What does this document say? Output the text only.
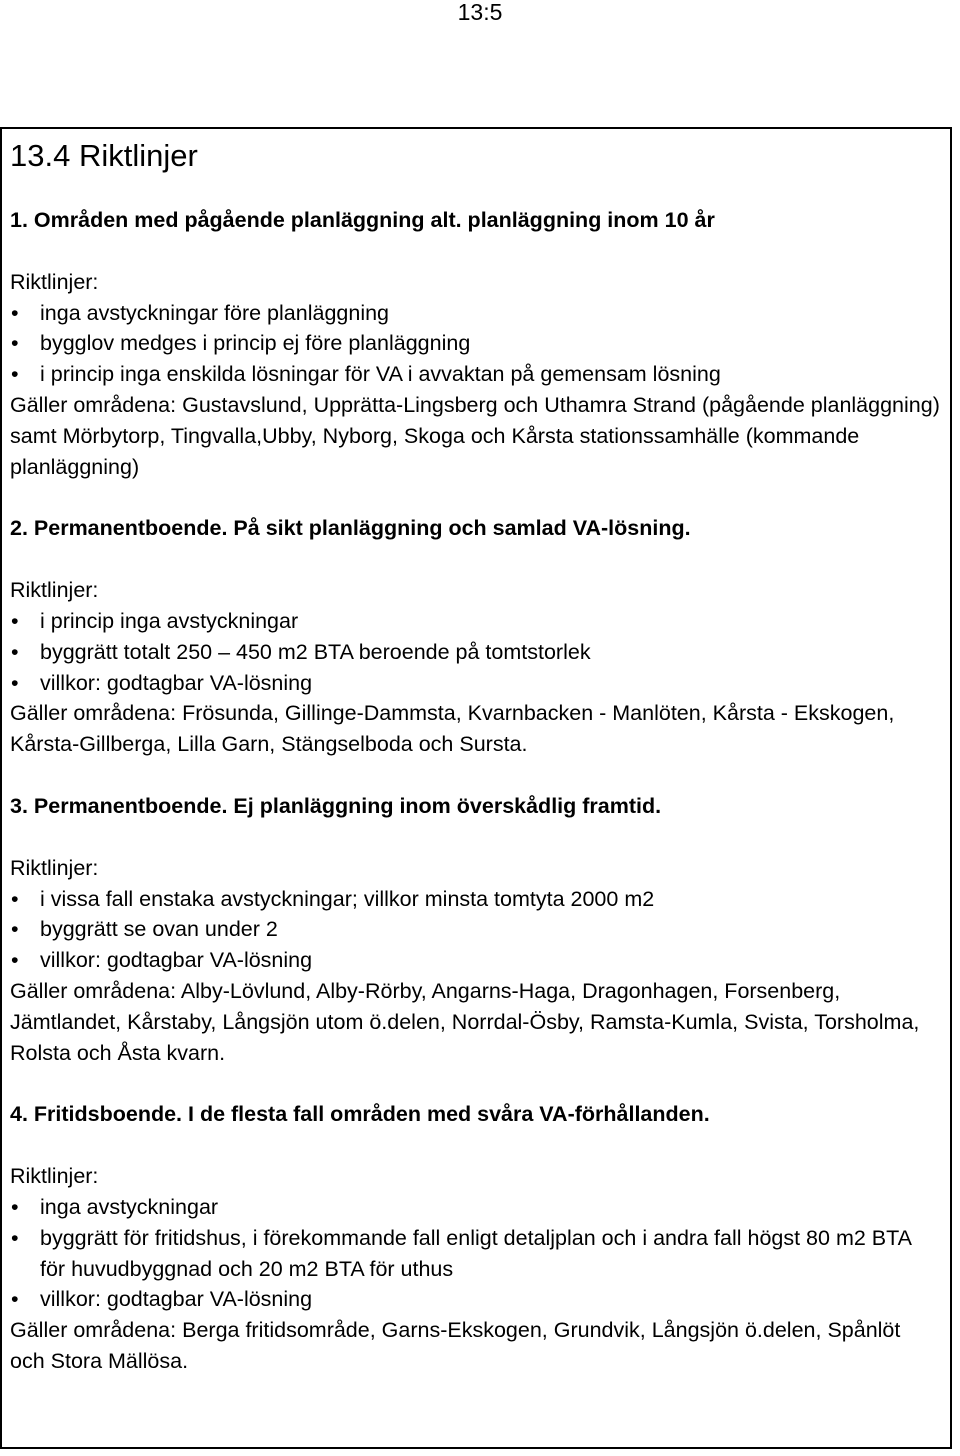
13:5
13.4 Riktlinjer

1. Områden med pågående planläggning alt. planläggning inom 10 år

Riktlinjer:

• inga avstyckningar före planläggning
• bygglov medges i princip ej före planläggning
• i princip inga enskilda lösningar för VA i avvaktan på gemensam lösning

Gäller områdena: Gustavslund, Upprätta-Lingsberg och Uthamra Strand (pågående planläggning) samt Mörbytorp, Tingvalla,Ubby, Nyborg, Skoga och Kårsta stationssamhälle (kommande planläggning)

2. Permanentboende. På sikt planläggning och samlad VA-lösning.

Riktlinjer:

• i princip inga avstyckningar
• byggrätt totalt 250 – 450 m2 BTA beroende på tomtstorlek
• villkor: godtagbar VA-lösning

Gäller områdena: Frösunda, Gillinge-Dammsta, Kvarnbacken - Manlöten, Kårsta - Ekskogen, Kårsta-Gillberga, Lilla Garn, Stängselboda och Sursta.

3. Permanentboende. Ej planläggning inom överskådlig framtid.

Riktlinjer:

• i vissa fall enstaka avstyckningar; villkor minsta tomtyta 2000 m2
• byggrätt se ovan under 2
• villkor: godtagbar VA-lösning

Gäller områdena: Alby-Lövlund, Alby-Rörby, Angarns-Haga, Dragonhagen, Forsenberg, Jämtlandet, Kårstaby, Långsjön utom ö.delen, Norrdal-Ösby, Ramsta-Kumla, Svista, Torsholma, Rolsta och Åsta kvarn.

4. Fritidsboende. I de flesta fall områden med svåra VA-förhållanden.

Riktlinjer:

• inga avstyckningar
• byggrätt för fritidshus, i förekommande fall enligt detaljplan och i andra fall högst 80 m2 BTA för huvudbyggnad och 20 m2 BTA för uthus
• villkor: godtagbar VA-lösning

Gäller områdena: Berga fritidsområde, Garns-Ekskogen, Grundvik, Långsjön ö.delen, Spånlöt och Stora Mällösa.
